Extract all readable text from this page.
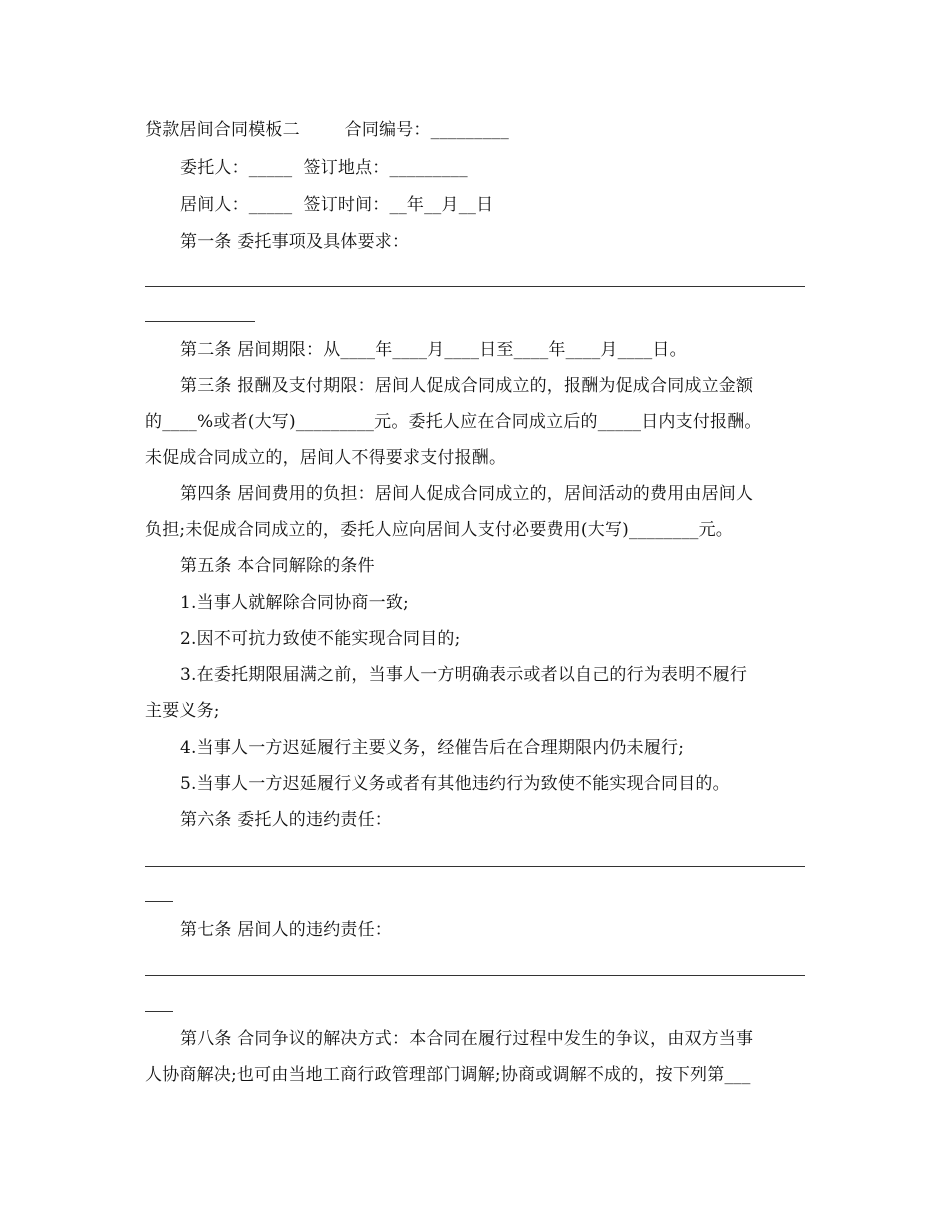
贷款居间合同模板二        合同编号：_________
委托人：_____  签订地点：_________
居间人：_____  签订时间：__年__月__日
第一条 委托事项及具体要求：
第二条 居间期限：从____年____月____日至____年____月____日。
第三条 报酬及支付期限：居间人促成合同成立的，报酬为促成合同成立金额
的____%或者(大写)_________元。委托人应在合同成立后的_____日内支付报酬。
未促成合同成立的，居间人不得要求支付报酬。
第四条 居间费用的负担：居间人促成合同成立的，居间活动的费用由居间人
负担;未促成合同成立的，委托人应向居间人支付必要费用(大写)________元。
第五条 本合同解除的条件
1.当事人就解除合同协商一致;
2.因不可抗力致使不能实现合同目的;
3.在委托期限届满之前，当事人一方明确表示或者以自己的行为表明不履行
主要义务;
4.当事人一方迟延履行主要义务，经催告后在合理期限内仍未履行;
5.当事人一方迟延履行义务或者有其他违约行为致使不能实现合同目的。
第六条 委托人的违约责任：
第七条 居间人的违约责任：
第八条 合同争议的解决方式：本合同在履行过程中发生的争议，由双方当事
人协商解决;也可由当地工商行政管理部门调解;协商或调解不成的，按下列第___
